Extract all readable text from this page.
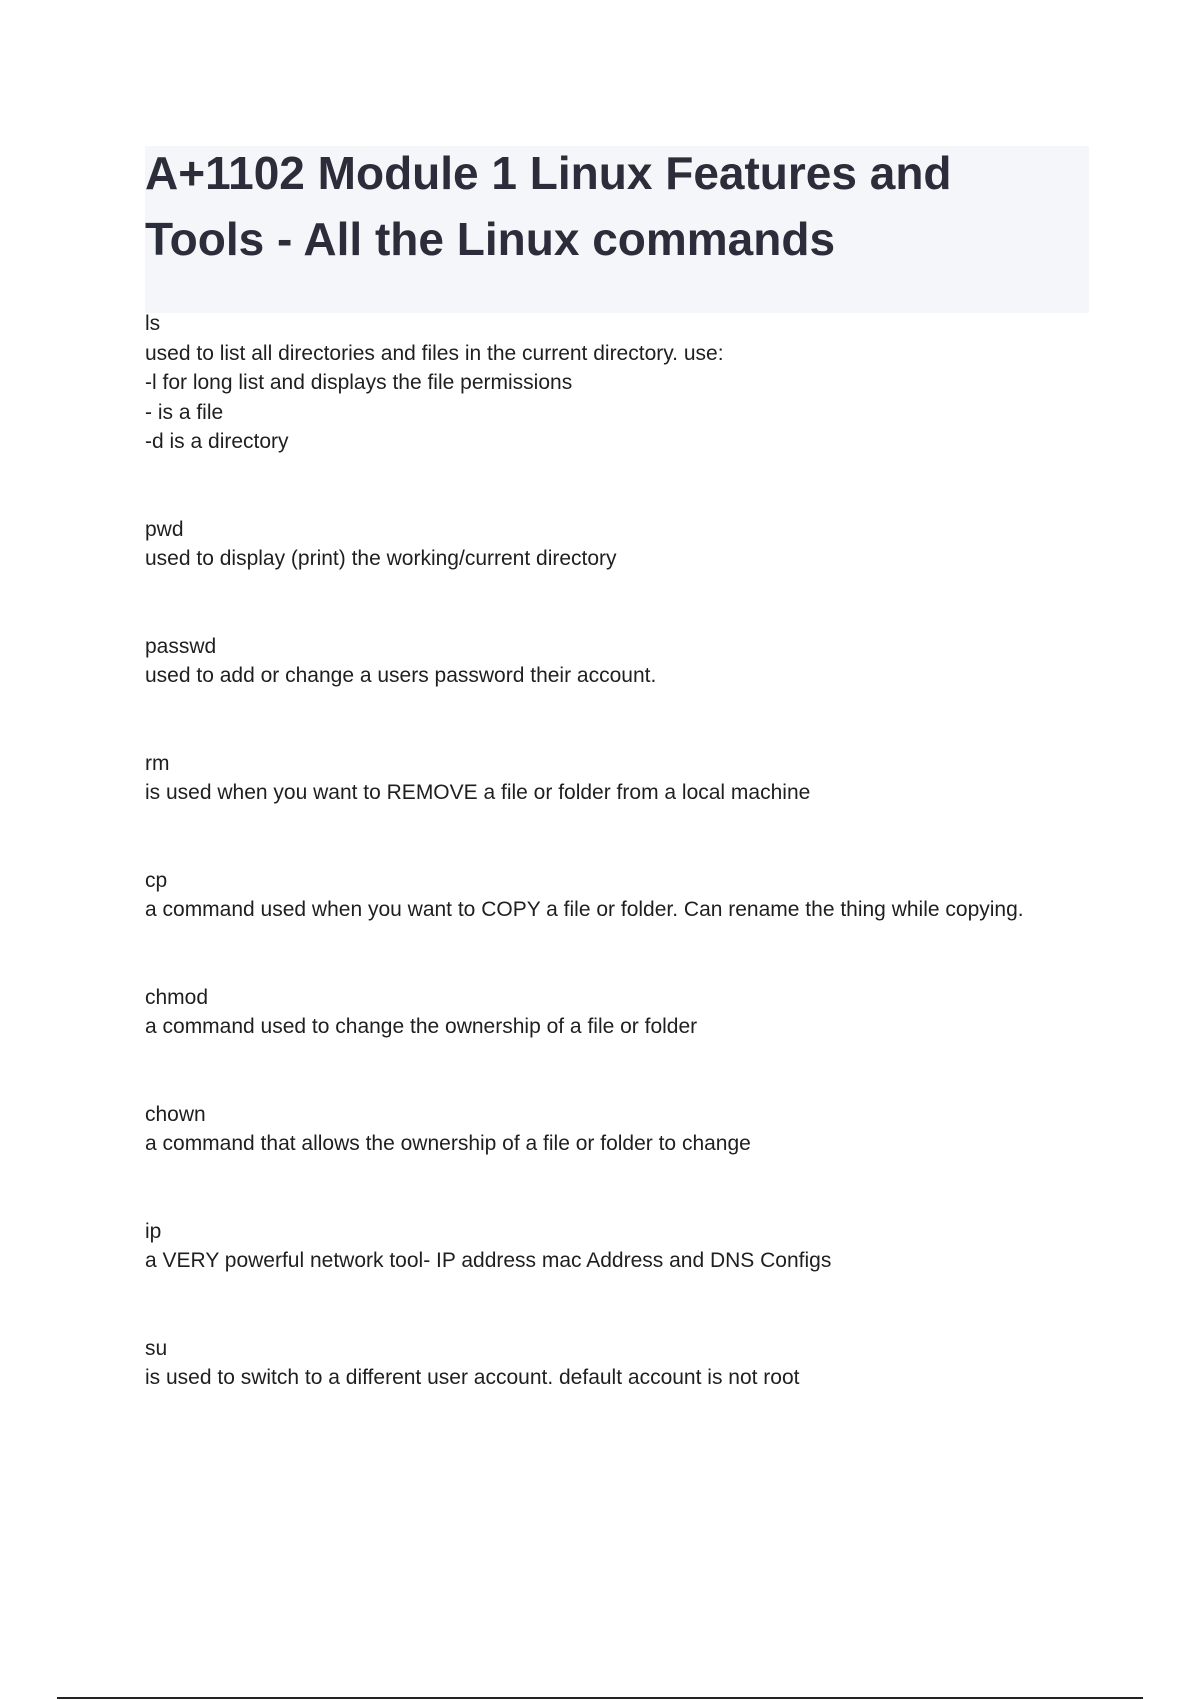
A+1102 Module 1 Linux Features and Tools - All the Linux commands
ls
used to list all directories and files in the current directory. use:
-l for long list and displays the file permissions
- is a file
-d is a directory
pwd
used to display (print) the working/current directory
passwd
used to add or change a users password their account.
rm
is used when you want to REMOVE a file or folder from a local machine
cp
a command used when you want to COPY a file or folder. Can rename the thing while copying.
chmod
a command used to change the ownership of a file or folder
chown
a command that allows the ownership of a file or folder to change
ip
a VERY powerful network tool- IP address mac Address and DNS Configs
su
is used to switch to a different user account. default account is not root
